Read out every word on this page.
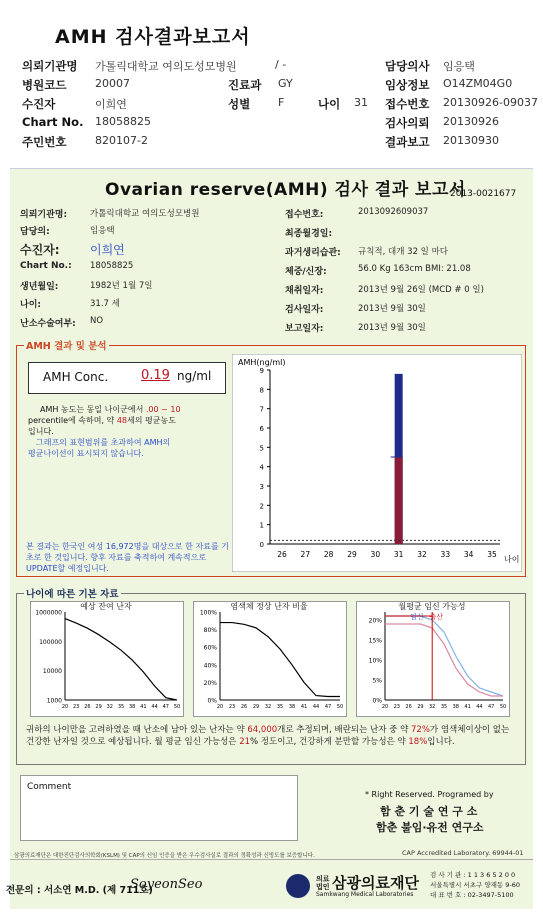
AMH 검사결과보고서
의뢰기관명 가톨릭대학교 여의도성모병원	/ -	담당의사 임응택
병원코드	20007	진료과 GY	임상정보 O14ZM04G0
수진자	이희연	성별	F	나이 31 접수번호 20130926-09037
Chart No. 18058825	검사의뢰 20130926
주민번호	820107-2	결과보고 20130930
Ovarian reserve(AMH) 검사 결과 보고서
2013-0021677
의뢰기관명:	가톨릭대학교 여의도성모병원
담당의:	임응택
수진자:	이희연
Chart No.: 18058825
생년월일:	1982년 1월 7일
나이:	31.7 세
난소수술여부: NO
접수번호:	2013092609037
최종월경일:
과거생리습관: 규칙적, 대개 32 일 마다
체중/신장:	56.0 Kg 163cm BMI: 21.08
채취일자:	2013년 9월 26일 (MCD # 0 일)
검사일자:	2013년 9월 30일
보고일자:	2013년 9월 30일
AMH 결과 및 분석
AMH Conc.	0.19 ng/ml
AMH 농도는 동일 나이군에서 .00 ~ 10
percentile에 속하며, 약 48세의 평균농도
입니다.
그래프의 표현범위를 초과하여 AMH의
평균나이선이 표시되지 않습니다.
본 결과는 한국인 여성 16,972명을 대상으로 한 자료를 기초로 한 것입니다. 향후 자료를 축적하여 계속적으로 UPDATE할 예정입니다.
0
1
2
3
4
5
6
7
8
9
26 27 28 29 30 31 32 33 34 35
AMH(ng/ml)
나이
나이에 따른 기본 자료
1000
10000
100000
1000000
20 23 26 29 32 35 38 41 44 47 50
0%
20%
40%
60%
80%
100%
20 23 26 29 32 35 38 41 44 47 50
0%
5%
10%
15%
20%
20 23 26 29 32 35 38 41 44 47 50
귀하의 나이만을 고려하였을 때 난소에 남아 있는 난자는 약 64,000개로 추정되며, 배란되는 난자 중 약 72%가 염색체이상이 없는 건강한 난자일 것으로 예상됩니다. 월 평균 임신 가능성은 21% 정도이고, 건강하게 분만할 가능성은 약 18%입니다.
Comment
* Right Reserved. Programed by
함 춘 기 술 연 구 소
함춘 불임·유전 연구소
삼광의료재단은 대한진단검사의학회(KSLM) 및 CAP의 신임 인증을 받은 우수검사실로 결과의 정확성과 신빙도를 보증합니다.	CAP Accredited Laboratory. 69944-01
예상 잔여 난자	염색체 정상 난자 비율	월평균 임신 가능성
임신 출산
전문의 : 서소연 M.D. (제 711호)
SoyeonSeo	의료법인 삼광의료재단
Samkwang Medical Laboratories
검 사 기 관 : 1 1 3 6 5 2 0 0
서울특별시 서초구 양재동 9-60
대 표 번 호 : 02-3497-5100
